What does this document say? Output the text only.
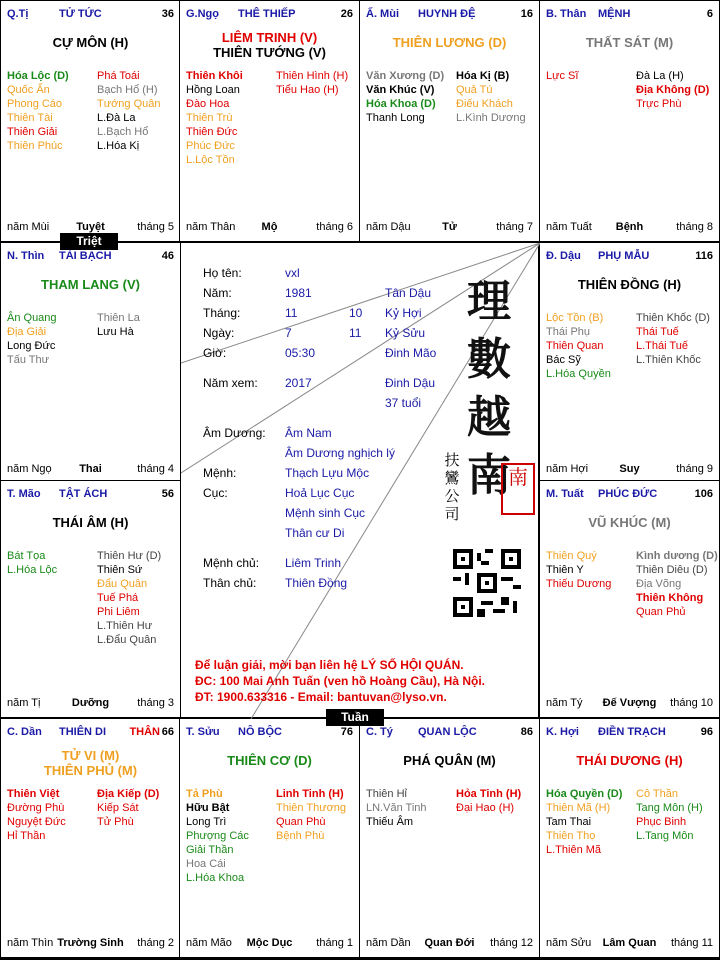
Q.Tị	TỬ TỨC	36
CỰ MÔN (H)
Hóa Lộc (D)
Quốc Ấn
Phong Cáo
Thiên Tài
Thiên Giải
Thiên Phúc
Phá Toái
Bạch Hổ (H)
Tướng Quân
L.Đà La
L.Bạch Hổ
L.Hóa Kị
năm Mùi	Tuyệt	tháng 5
G.Ngọ THÊ THIẾP	26
LIÊM TRINH (V)
THIÊN TƯỚNG (V)
Thiên Khôi
Hồng Loan
Đào Hoa
Thiên Trù
Thiên Đức
Phúc Đức
L.Lộc Tồn
Thiên Hình (H)
Tiểu Hao (H)
năm Thân	Mộ	tháng 6
Ấ. Mùi HUYNH ĐỆ	16
THIÊN LƯƠNG (D)
Văn Xương (D)
Văn Khúc (V)
Hóa Khoa (D)
Thanh Long
Hóa Kị (B)
Quả Tú
Điếu Khách
L.Kình Dương
năm Dậu	Tử	tháng 7
B. Thân MỆNH	6
THẤT SÁT (M)
Lực Sĩ	Đà La (H)
Địa Không (D)
Trực Phù
năm Tuất	Bệnh	tháng 8
N. Thìn TÀI BẠCH	46
THAM LANG (V)
Ân Quang
Địa Giải
Long Đức
Tấu Thư
Thiên La
Lưu Hà
năm Ngọ	Thai	tháng 4
Đ. Dậu PHỤ MẪU	116
THIÊN ĐỒNG (H)
Lộc Tồn (B)
Thái Phụ
Thiên Quan
Bác Sỹ
L.Hóa Quyền
Thiên Khốc (D)
Thái Tuế
L.Thái Tuế
L.Thiên Khốc
năm Hợi	Suy	tháng 9
T. Mão TẬT ÁCH	56
THÁI ÂM (H)
Bát Tọa
L.Hóa Lộc
Thiên Hư (D)
Thiên Sứ
Đẩu Quân
Tuế Phá
Phi Liêm
L.Thiên Hư
L.Đẩu Quân
năm Tị	Dưỡng	tháng 3
M. Tuất PHÚC ĐỨC	106
VŨ KHÚC (M)
Thiên Quý
Thiên Y
Thiếu Dương
Kình dương (D)
Thiên Diêu (D)
Địa Võng
Thiên Không
Quan Phủ
năm Tý	Đế Vượng	tháng 10
C. Dần THIÊN DI THÂN 66
TỬ VI (M)
THIÊN PHỦ (M)
Thiên Việt
Đường Phù
Nguyệt Đức
Hỉ Thần
Địa Kiếp (D)
Kiếp Sát
Tử Phù
năm Thìn Trường Sinh	tháng 2
T. Sửu NÔ BỘC	76
THIÊN CƠ (D)
Tả Phù
Hữu Bật
Long Trì
Phượng Các
Giải Thần
Hoa Cái
L.Hóa Khoa
Linh Tinh (H)
Thiên Thương
Quan Phù
Bệnh Phù
năm Mão	Mộc Dục	tháng 1
C. Tý QUAN LỘC	86
PHÁ QUÂN (M)
Thiên Hỉ
LN.Văn Tinh
Thiếu Âm
Hỏa Tinh (H)
Đại Hao (H)
năm Dần	Quan Đới	tháng 12
K. Hợi ĐIỀN TRẠCH	96
THÁI DƯƠNG (H)
Hóa Quyền (D)
Thiên Mã (H)
Tam Thai
Thiên Thọ
L.Thiên Mã
Cô Thần
Tang Môn (H)
Phục Binh
L.Tang Môn
năm Sửu	Lâm Quan	tháng 11
理
數
越
南
扶
鸞
公
司
南
Để luận giải, mời bạn liên hệ LÝ SỐ HỘI QUÁN.
ĐC: 100 Mai Anh Tuấn (ven hồ Hoàng Cầu), Hà Nội.
ĐT: 1900.633316 - Email: bantuvan@lyso.vn.
Họ tên:	vxl
Năm:	1981	Tân Dậu
Tháng:	11	10 Kỷ Hợi
Ngày:	7	11 Kỷ Sửu
Giờ:	05:30	Đinh Mão
Năm xem: 2017	Đinh Dậu
37 tuổi
Âm Dương: Âm Nam
Âm Dương nghịch lý
Mệnh:	Thạch Lựu Mộc
Cục:	Hoả Lục Cục
Mệnh sinh Cục
Thân cư Di
Mệnh chủ: Liêm Trinh
Thân chủ: Thiên Đồng
Triệt
Tuần
